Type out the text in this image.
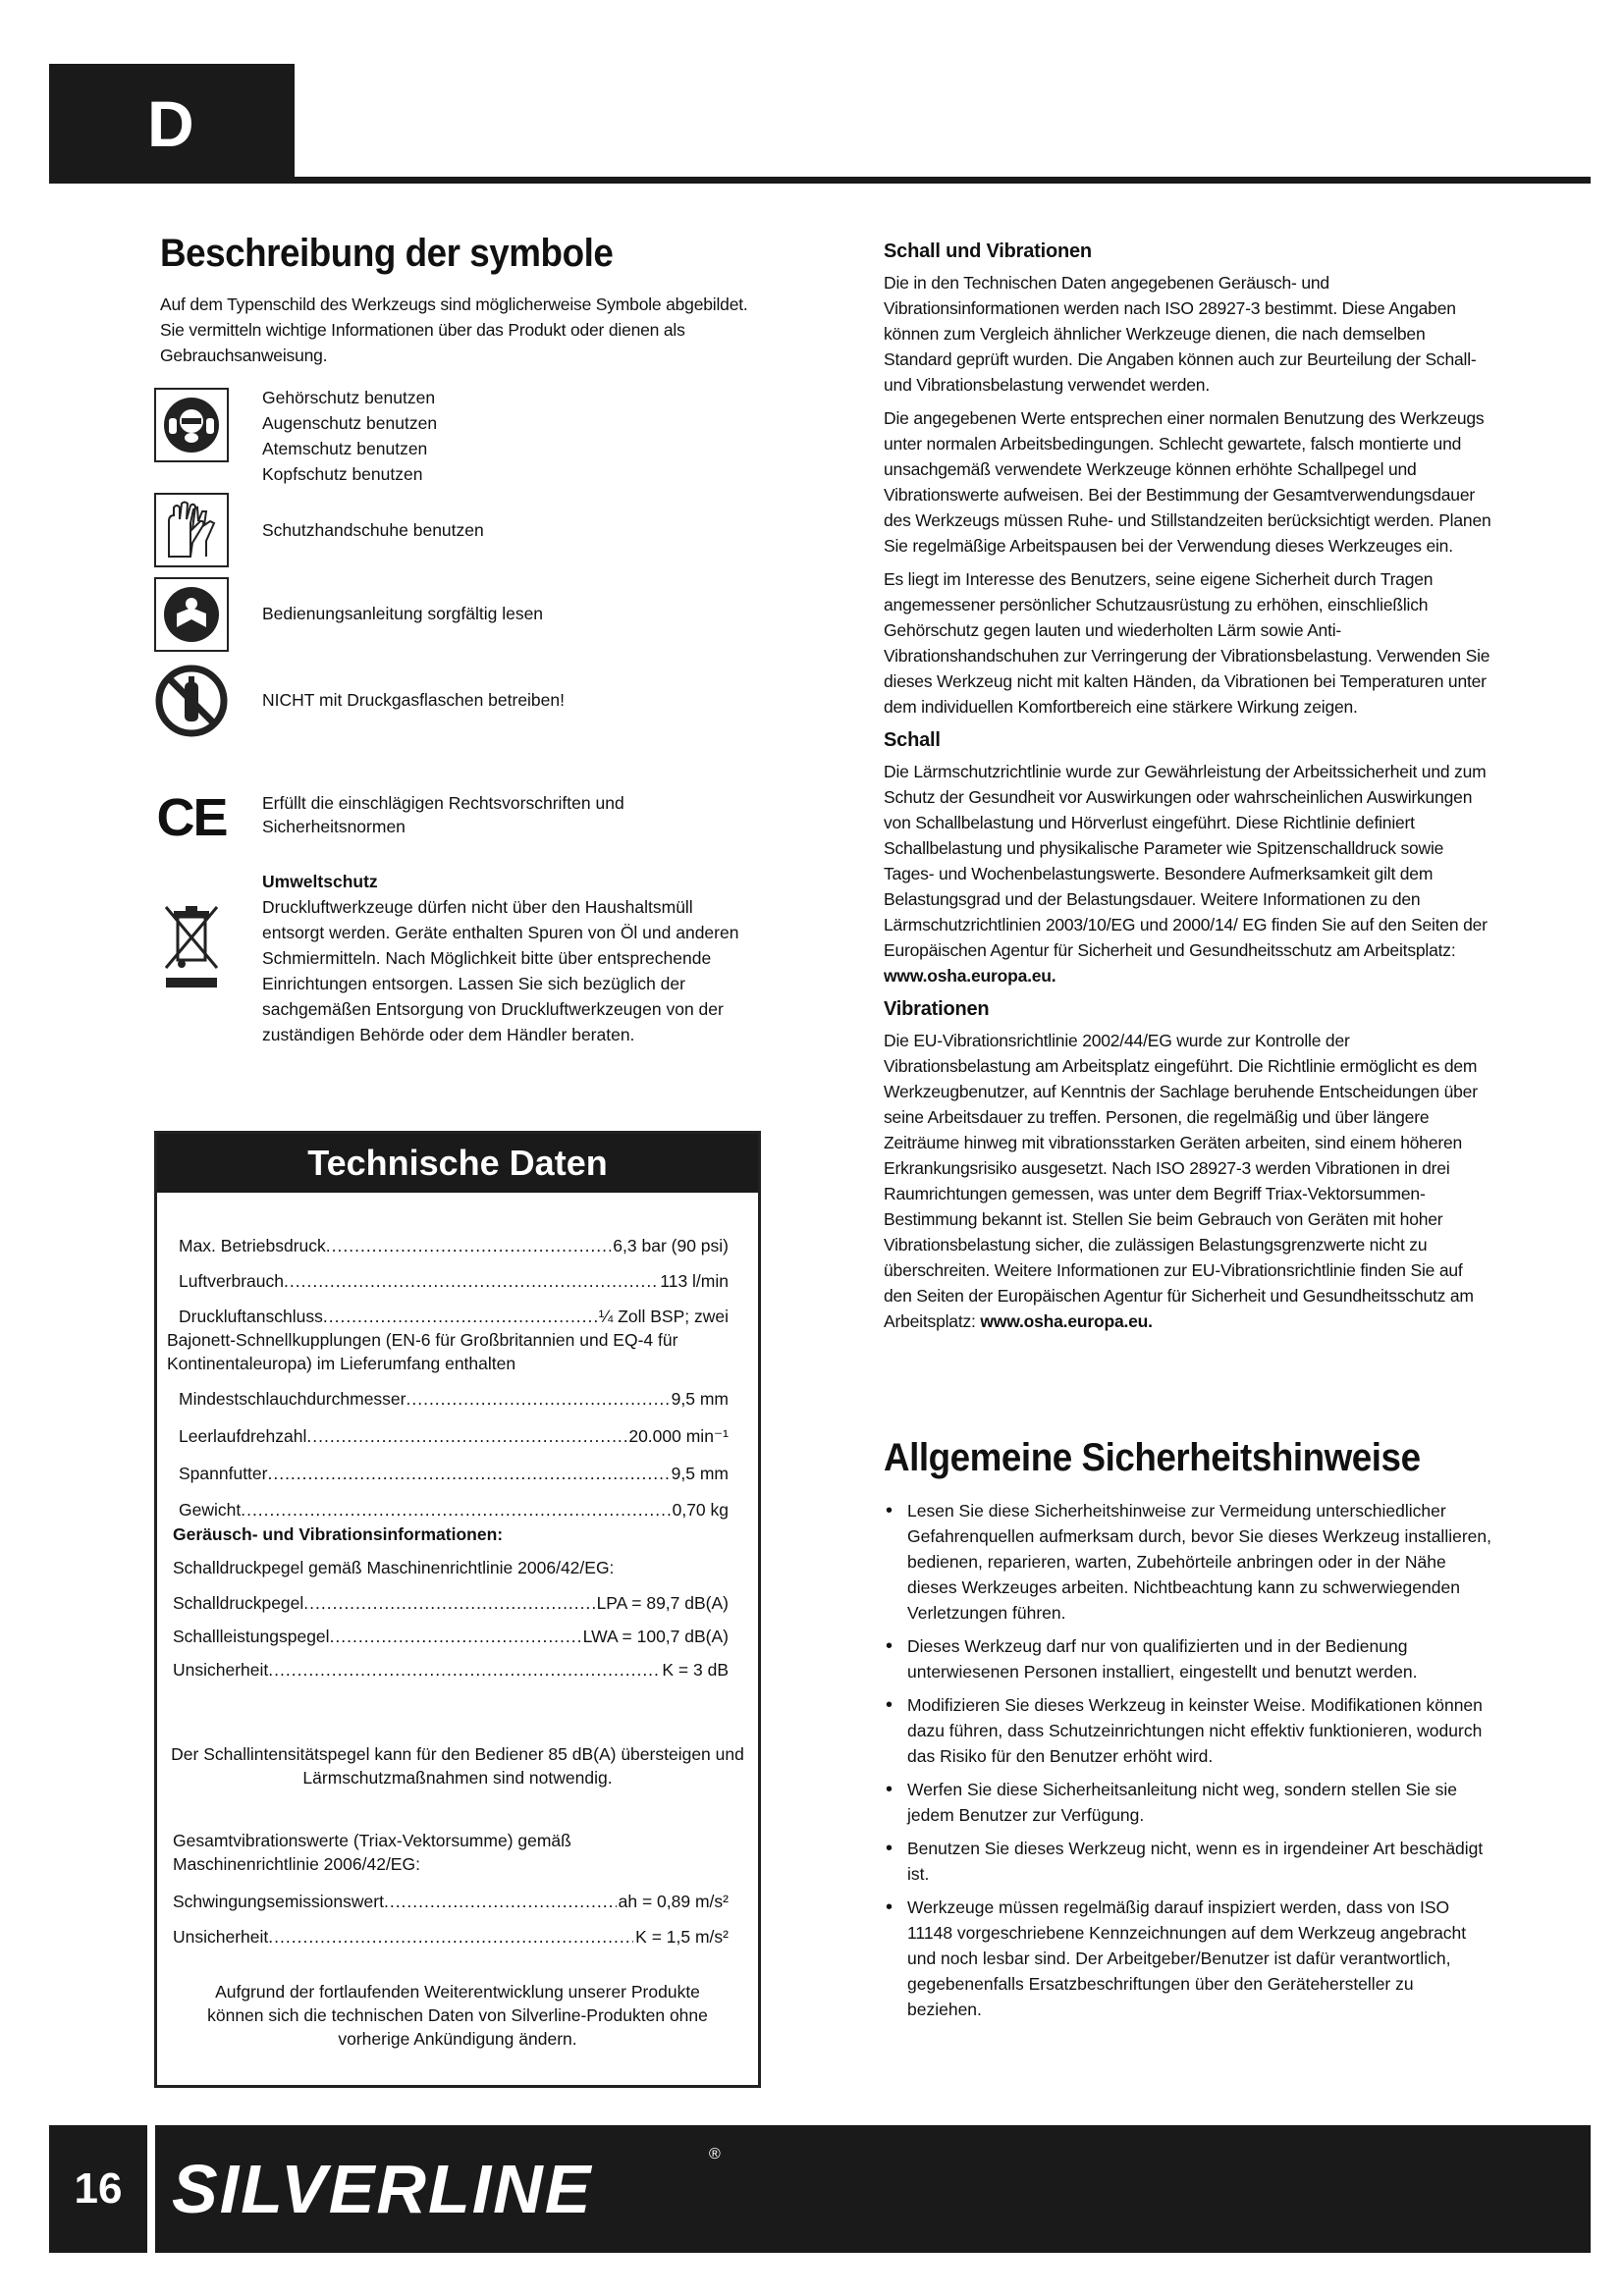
D
Beschreibung der symbole
Auf dem Typenschild des Werkzeugs sind möglicherweise Symbole abgebildet. Sie vermitteln wichtige Informationen über das Produkt oder dienen als Gebrauchsanweisung.
Gehörschutz benutzen
Augenschutz benutzen
Atemschutz benutzen
Kopfschutz benutzen
Schutzhandschuhe benutzen
Bedienungsanleitung sorgfältig lesen
NICHT mit Druckgasflaschen betreiben!
CE Erfüllt die einschlägigen Rechtsvorschriften und Sicherheitsnormen
Umweltschutz
Druckluftwerkzeuge dürfen nicht über den Haushaltsmüll entsorgt werden. Geräte enthalten Spuren von Öl und anderen Schmiermitteln. Nach Möglichkeit bitte über entsprechende Einrichtungen entsorgen. Lassen Sie sich bezüglich der sachgemäßen Entsorgung von Druckluftwerkzeugen von der zuständigen Behörde oder dem Händler beraten.
Technische Daten
Max. Betriebsdruck .....	6,3 bar (90 psi)
Luftverbrauch .....	113 l/min
Druckluftanschluss .....	¼ Zoll BSP; zwei
Bajonett-Schnellkupplungen (EN-6 für Großbritannien und EQ-4 für Kontinentaleuropa) im Lieferumfang enthalten
Mindestschlauchdurchmesser .....	9,5 mm
Leerlaufdrehzahl .....	20.000 min⁻¹
Spannfutter .....	9,5 mm
Gewicht .....	0,70 kg
Geräusch- und Vibrationsinformationen:
Schalldruckpegel gemäß Maschinenrichtlinie 2006/42/EG:
Schalldruckpegel .....	LPA = 89,7 dB(A)
Schallleistungspegel .....	LWA = 100,7 dB(A)
Unsicherheit .....	K = 3 dB
Der Schallintensitätspegel kann für den Bediener 85 dB(A) übersteigen und Lärmschutzmaßnahmen sind notwendig.
Gesamtvibrationswerte (Triax-Vektorsumme) gemäß Maschinenrichtlinie 2006/42/EG:
Schwingungsemissionswert .....	ah = 0,89 m/s²
Unsicherheit .....	K = 1,5 m/s²
Aufgrund der fortlaufenden Weiterentwicklung unserer Produkte können sich die technischen Daten von Silverline-Produkten ohne vorherige Ankündigung ändern.
Schall und Vibrationen

Die in den Technischen Daten angegebenen Geräusch- und Vibrationsinformationen werden nach ISO 28927-3 bestimmt. Diese Angaben können zum Vergleich ähnlicher Werkzeuge dienen, die nach demselben Standard geprüft wurden. Die Angaben können auch zur Beurteilung der Schall- und Vibrationsbelastung verwendet werden.

Die angegebenen Werte entsprechen einer normalen Benutzung des Werkzeugs unter normalen Arbeitsbedingungen. Schlecht gewartete, falsch montierte und unsachgemäß verwendete Werkzeuge können erhöhte Schallpegel und Vibrationswerte aufweisen. Bei der Bestimmung der Gesamtverwendungsdauer des Werkzeugs müssen Ruhe- und Stillstandzeiten berücksichtigt werden. Planen Sie regelmäßige Arbeitspausen bei der Verwendung dieses Werkzeuges ein.

Es liegt im Interesse des Benutzers, seine eigene Sicherheit durch Tragen angemessener persönlicher Schutzausrüstung zu erhöhen, einschließlich Gehörschutz gegen lauten und wiederholten Lärm sowie Anti-Vibrationshandschuhen zur Verringerung der Vibrationsbelastung. Verwenden Sie dieses Werkzeug nicht mit kalten Händen, da Vibrationen bei Temperaturen unter dem individuellen Komfortbereich eine stärkere Wirkung zeigen.

Schall

Die Lärmschutzrichtlinie wurde zur Gewährleistung der Arbeitssicherheit und zum Schutz der Gesundheit vor Auswirkungen oder wahrscheinlichen Auswirkungen von Schallbelastung und Hörverlust eingeführt. Diese Richtlinie definiert Schallbelastung und physikalische Parameter wie Spitzenschalldruck sowie Tages- und Wochenbelastungswerte. Besondere Aufmerksamkeit gilt dem Belastungsgrad und der Belastungsdauer. Weitere Informationen zu den Lärmschutzrichtlinien 2003/10/EG und 2000/14/ EG finden Sie auf den Seiten der Europäischen Agentur für Sicherheit und Gesundheitsschutz am Arbeitsplatz: www.osha.europa.eu.

Vibrationen

Die EU-Vibrationsrichtlinie 2002/44/EG wurde zur Kontrolle der Vibrationsbelastung am Arbeitsplatz eingeführt. Die Richtlinie ermöglicht es dem Werkzeugbenutzer, auf Kenntnis der Sachlage beruhende Entscheidungen über seine Arbeitsdauer zu treffen. Personen, die regelmäßig und über längere Zeiträume hinweg mit vibrationsstarken Geräten arbeiten, sind einem höheren Erkrankungsrisiko ausgesetzt. Nach ISO 28927-3 werden Vibrationen in drei Raumrichtungen gemessen, was unter dem Begriff Triax-Vektorsummen-Bestimmung bekannt ist. Stellen Sie beim Gebrauch von Geräten mit hoher Vibrationsbelastung sicher, die zulässigen Belastungsgrenzwerte nicht zu überschreiten. Weitere Informationen zur EU-Vibrationsrichtlinie finden Sie auf den Seiten der Europäischen Agentur für Sicherheit und Gesundheitsschutz am Arbeitsplatz: www.osha.europa.eu.

Allgemeine Sicherheitshinweise
• Lesen Sie diese Sicherheitshinweise zur Vermeidung unterschiedlicher Gefahrenquellen aufmerksam durch, bevor Sie dieses Werkzeug installieren, bedienen, reparieren, warten, Zubehörteile anbringen oder in der Nähe dieses Werkzeuges arbeiten. Nichtbeachtung kann zu schwerwiegenden Verletzungen führen.
• Dieses Werkzeug darf nur von qualifizierten und in der Bedienung unterwiesenen Personen installiert, eingestellt und benutzt werden.
• Modifizieren Sie dieses Werkzeug in keinster Weise. Modifikationen können dazu führen, dass Schutzeinrichtungen nicht effektiv funktionieren, wodurch das Risiko für den Benutzer erhöht wird.
• Werfen Sie diese Sicherheitsanleitung nicht weg, sondern stellen Sie sie jedem Benutzer zur Verfügung.
• Benutzen Sie dieses Werkzeug nicht, wenn es in irgendeiner Art beschädigt ist.
• Werkzeuge müssen regelmäßig darauf inspiziert werden, dass von ISO 11148 vorgeschriebene Kennzeichnungen auf dem Werkzeug angebracht und noch lesbar sind. Der Arbeitgeber/Benutzer ist dafür verantwortlich, gegebenenfalls Ersatzbeschriftungen über den Gerätehersteller zu beziehen.
16 SILVERLINE	®
